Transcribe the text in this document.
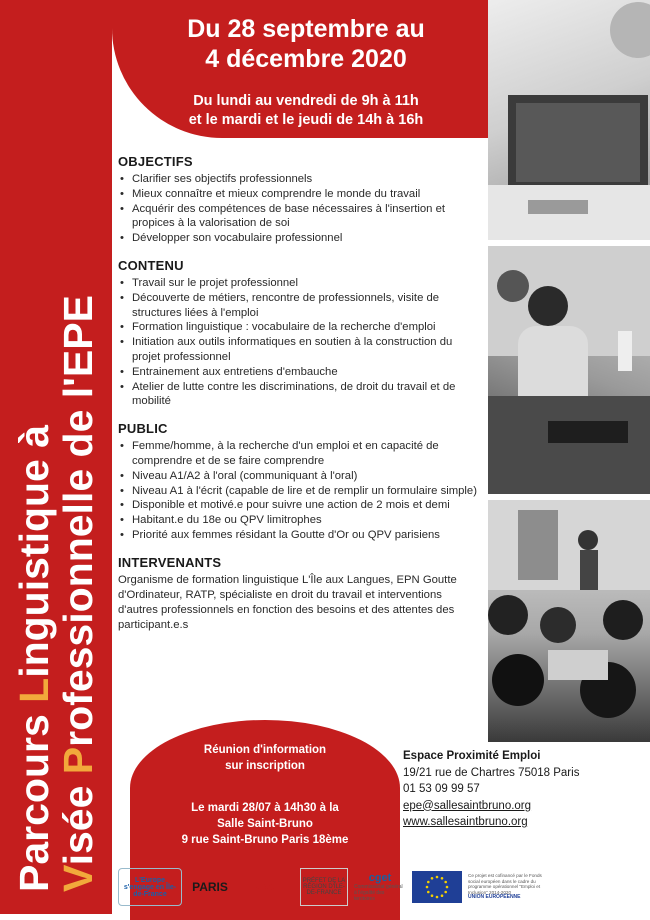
Parcours Linguistique à
Visée Professionnelle de l'EPE
Du 28 septembre au
4 décembre 2020
Du lundi au vendredi de 9h à 11h
et le mardi et le jeudi de 14h à 16h
OBJECTIFS
• Clarifier ses objectifs professionnels
• Mieux connaître et mieux comprendre le monde du travail
• Acquérir des compétences de base nécessaires à l'insertion et propices à la valorisation de soi
• Développer son vocabulaire professionnel
CONTENU
• Travail sur le projet professionnel
• Découverte de métiers, rencontre de professionnels, visite de structures liées à l'emploi
• Formation linguistique : vocabulaire de la recherche d'emploi
• Initiation aux outils informatiques en soutien à la construction du projet professionnel
• Entrainement aux entretiens d'embauche
• Atelier de lutte contre les discriminations, de droit du travail et de mobilité
PUBLIC
• Femme/homme, à la recherche d'un emploi et en capacité de comprendre et de se faire comprendre
• Niveau A1/A2 à l'oral (communiquant à l'oral)
• Niveau A1 à l'écrit (capable de lire et de remplir un formulaire simple)
• Disponible et motivé.e pour suivre une action de 2 mois et demi
• Habitant.e du 18e ou QPV limitrophes
• Priorité aux femmes résidant la Goutte d'Or ou QPV parisiens
INTERVENANTS

Organisme de formation linguistique L'Île aux Langues, EPN Goutte d'Ordinateur, RATP, spécialiste en droit du travail et interventions d'autres professionnels en fonction des besoins et des attentes des participant.e.s

Réunion d'information
sur inscription
Le mardi 28/07 à 14h30 à la
Salle Saint-Bruno
9 rue Saint-Bruno Paris 18ème
Espace Proximité Emploi
19/21 rue de Chartres 75018 Paris
01 53 09 99 57
epe@sallesaintbruno.org
www.sallesaintbruno.org
L'Europe s'engage en Île-de-France	PARIS	Epe	PRÉFET DE LA RÉGION D'ÎLE-DE-FRANCE
cget
Commissariat général à l'égalité des territoires
Ce projet est cofinancé par le Fonds social européen dans le cadre du programme opérationnel "Emploi et Inclusion" 2014-2020
UNION EUROPÉENNE
